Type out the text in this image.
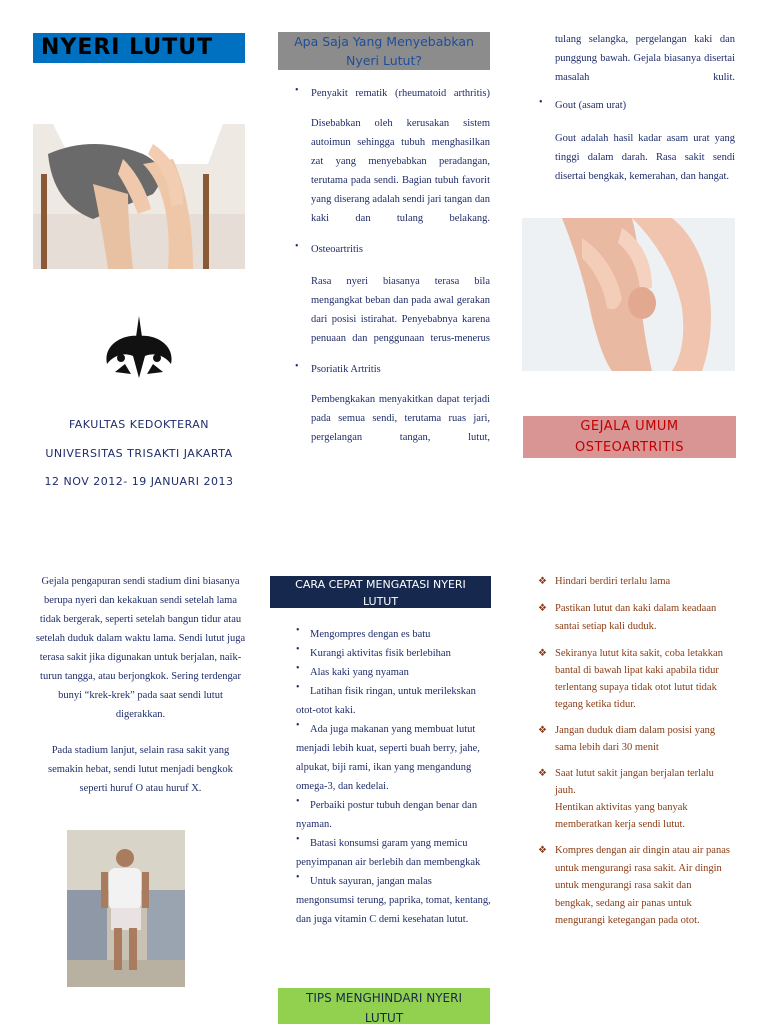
NYERI LUTUT
FAKULTAS KEDOKTERAN
UNIVERSITAS TRISAKTI JAKARTA
12 NOV 2012- 19 JANUARI 2013
Apa Saja Yang Menyebabkan Nyeri Lutut?
•	Penyakit rematik (rheumatoid arthritis)
Disebabkan oleh kerusakan sistem autoimun sehingga tubuh menghasilkan zat yang menyebabkan peradangan, terutama pada sendi. Bagian tubuh favorit yang diserang adalah sendi jari tangan dan kaki dan tulang belakang.
•	Osteoartritis
Rasa nyeri biasanya terasa bila mengangkat beban dan pada awal gerakan dari posisi istirahat. Penyebabnya karena penuaan dan penggunaan terus-menerus
•	Psoriatik Artritis
Pembengkakan menyakitkan dapat terjadi pada semua sendi, terutama ruas jari, pergelangan tangan, lutut,
tulang selangka, pergelangan kaki dan punggung bawah. Gejala biasanya disertai masalah kulit.
•	Gout (asam urat)
Gout adalah hasil kadar asam urat yang tinggi dalam darah. Rasa sakit sendi disertai bengkak, kemerahan, dan hangat.
GEJALA UMUM OSTEOARTRITIS
Gejala pengapuran sendi stadium dini biasanya berupa nyeri dan kekakuan sendi setelah lama tidak bergerak, seperti setelah bangun tidur atau setelah duduk dalam waktu lama. Sendi lutut juga terasa sakit jika digunakan untuk berjalan, naik-turun tangga, atau berjongkok. Sering terdengar bunyi “krek-krek” pada saat sendi lutut digerakkan.
Pada stadium lanjut, selain rasa sakit yang semakin hebat, sendi lutut menjadi bengkok seperti huruf O atau huruf X.
CARA CEPAT MENGATASI NYERI LUTUT
• Mengompres dengan es batu
• Kurangi aktivitas fisik berlebihan
• Alas kaki yang nyaman
• Latihan fisik ringan, untuk merilekskan otot-otot kaki.
• Ada juga makanan yang membuat lutut menjadi lebih kuat, seperti buah berry, jahe, alpukat, biji rami, ikan yang mengandung omega-3, dan kedelai.
• Perbaiki postur tubuh dengan benar dan nyaman.
• Batasi konsumsi garam yang memicu penyimpanan air berlebih dan membengkak
• Untuk sayuran, jangan malas mengonsumsi terung, paprika, tomat, kentang, dan juga vitamin C demi kesehatan lutut.
TIPS MENGHINDARI NYERI LUTUT
❖ Hindari berdiri terlalu lama
❖ Pastikan lutut dan kaki dalam keadaan santai setiap kali duduk.
❖ Sekiranya lutut kita sakit, coba letakkan bantal di bawah lipat kaki apabila tidur terlentang supaya tidak otot lutut tidak tegang ketika tidur.
❖ Jangan duduk diam dalam posisi yang sama lebih dari 30 menit
❖ Saat lutut sakit jangan berjalan terlalu jauh.
Hentikan aktivitas yang banyak memberatkan kerja sendi lutut.
❖ Kompres dengan air dingin atau air panas untuk mengurangi rasa sakit. Air dingin untuk mengurangi rasa sakit dan bengkak, sedang air panas untuk mengurangi ketegangan pada otot.
